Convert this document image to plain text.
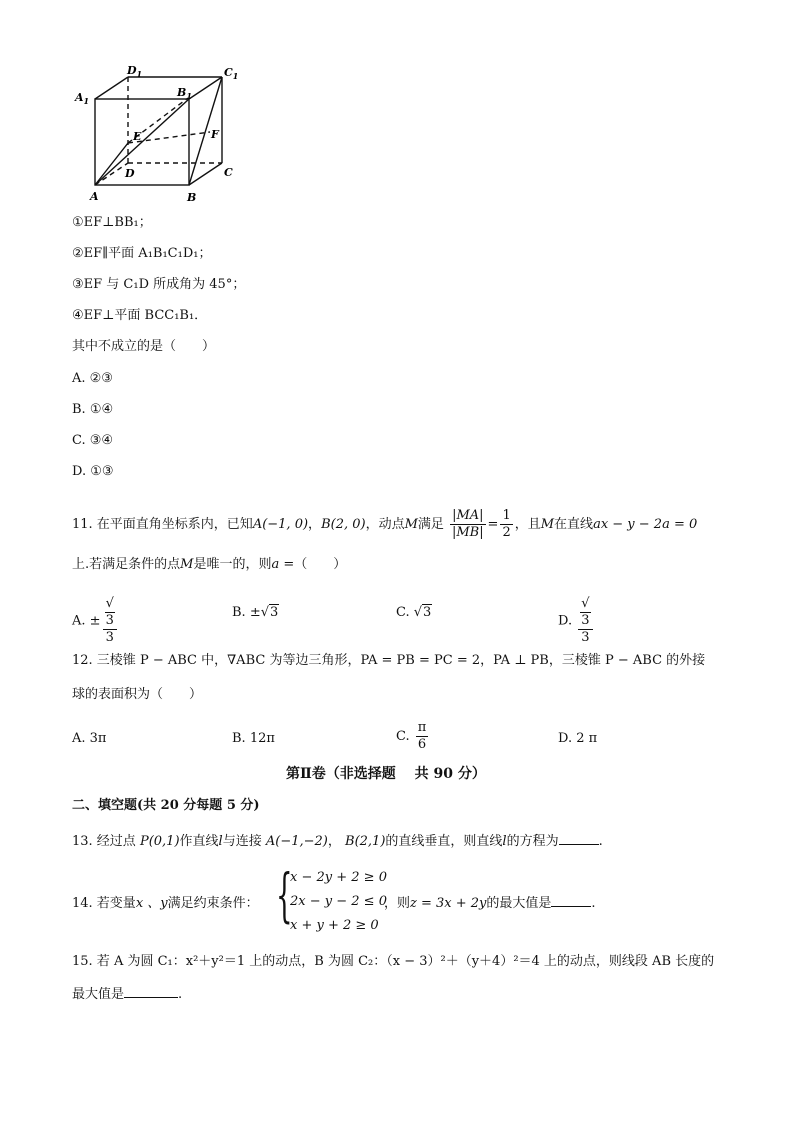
$D_1$	$C_1$
$A_1$
$B_1$
E	F
D	C
A	B
①EF⊥BB₁；
②EF∥平面 A₁B₁C₁D₁；
③EF 与 C₁D 所成角为 45°；
④EF⊥平面 BCC₁B₁．
其中不成立的是（　　）
A. ②③
B. ①④
C. ③④
D. ①③
11. 在平面直角坐标系内，已知A(−1, 0)，B(2, 0)，动点M满足 $\frac{|MA|}{|MB|} = \frac{1}{2}$ ，且M在直线ax − y − 2a = 0
上.若满足条件的点M是唯一的，则a =（　　）
A. ± √
3
3	B. ±√3	C. √3
D. √
3
3
12. 三棱锥 P − ABC 中，∇ABC 为等边三角形，PA = PB = PC = 2，PA ⊥ PB，三棱锥 P − ABC 的外接
球的表面积为（　　）
A. 3π	B. 12π	C. $\frac{\pi}{6}$	D. 2 π
第Ⅱ卷（非选择题　 共 90 分）
二、填空题(共 20 分每题 5 分)
13. 经过点 P(0,1)作直线l与连接 A(−1,−2)， B(2,1)的直线垂直，则直线l的方程为	.
14. 若变量x 、y满足约束条件： {
x − 2y + 2 ≥ 0
2x − y − 2 ≤ 0
x + y + 2 ≥ 0
，则z = 3x + 2y的最大值是	.
15. 若 A 为圆 C₁：x²＋y²＝1 上的动点，B 为圆 C₂：（x − 3）²＋（y＋4）²＝4 上的动点，则线段 AB 长度的
最大值是	.
